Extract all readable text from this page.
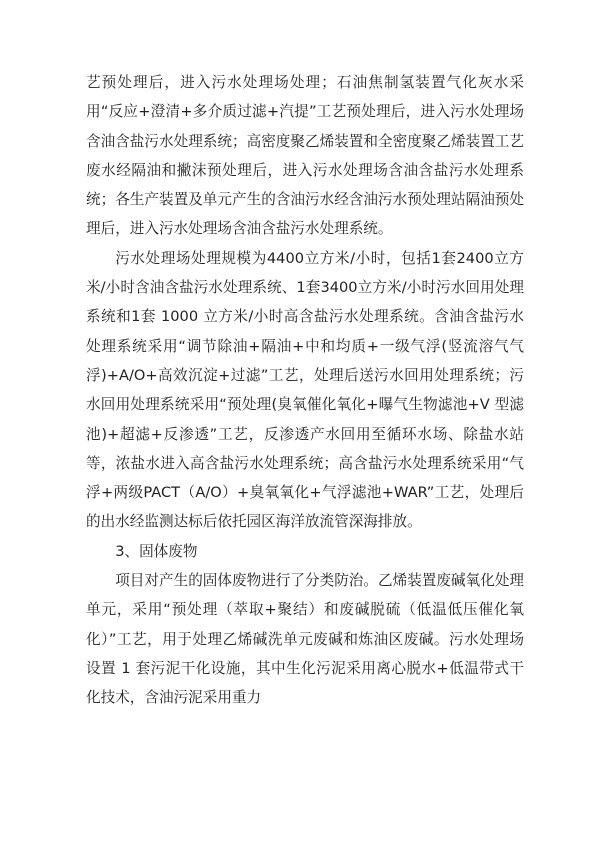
艺预处理后，进入污水处理场处理；石油焦制氢装置气化灰水采用“反应+澄清+多介质过滤+汽提”工艺预处理后，进入污水处理场含油含盐污水处理系统；高密度聚乙烯装置和全密度聚乙烯装置工艺废水经隔油和撇沫预处理后，进入污水处理场含油含盐污水处理系统；各生产装置及单元产生的含油污水经含油污水预处理站隔油预处理后，进入污水处理场含油含盐污水处理系统。

污水处理场处理规模为4400立方米/小时，包括1套2400立方米/小时含油含盐污水处理系统、1套3400立方米/小时污水回用处理系统和1套 1000 立方米/小时高含盐污水处理系统。含油含盐污水处理系统采用“调节除油+隔油+中和均质+一级气浮(竖流溶气气浮)+A/O+高效沉淀+过滤”工艺，处理后送污水回用处理系统；污水回用处理系统采用“预处理(臭氧催化氧化+曝气生物滤池+V 型滤池)+超滤+反渗透”工艺，反渗透产水回用至循环水场、除盐水站等，浓盐水进入高含盐污水处理系统；高含盐污水处理系统采用“气浮+两级PACT（A/O）+臭氧氧化+气浮滤池+WAR”工艺，处理后的出水经监测达标后依托园区海洋放流管深海排放。

3、固体废物

项目对产生的固体废物进行了分类防治。乙烯装置废碱氧化处理单元，采用“预处理（萃取+聚结）和废碱脱硫（低温低压催化氧化）”工艺，用于处理乙烯碱洗单元废碱和炼油区废碱。污水处理场设置 1 套污泥干化设施，其中生化污泥采用离心脱水+低温带式干化技术，含油污泥采用重力
